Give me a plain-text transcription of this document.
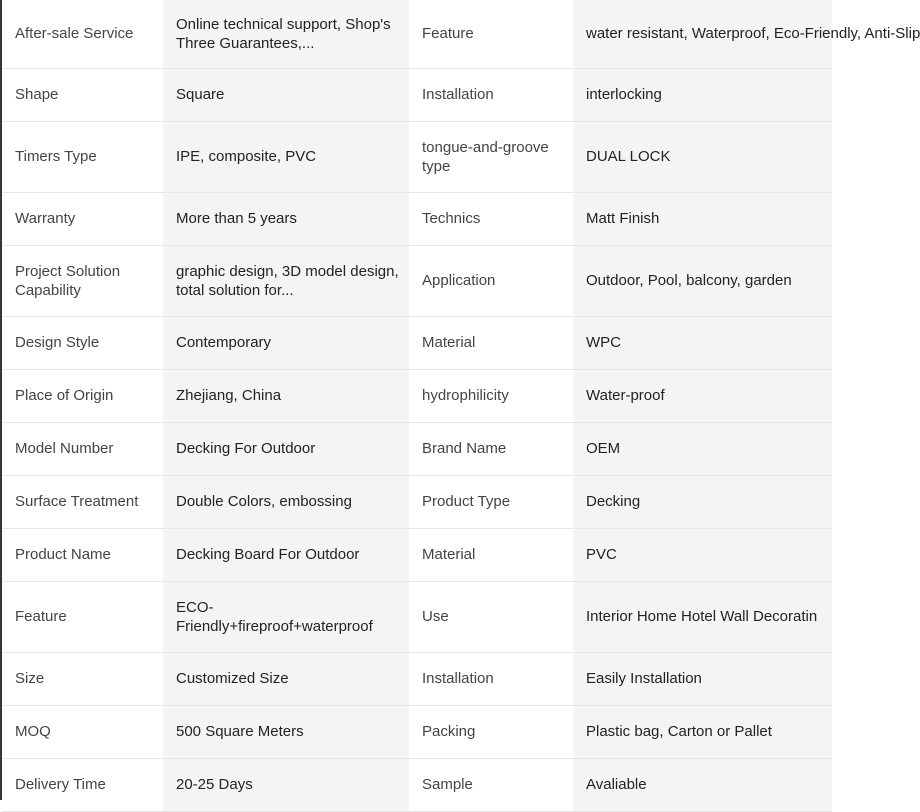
After-sale Service	Online technical support, Shop's Three Guarantees,...	Feature	water resistant, Waterproof, Eco-Friendly, Anti-Slip
Shape	Square	Installation	interlocking
Timers Type	IPE, composite, PVC	tongue-and-groove type	DUAL LOCK
Warranty	More than 5 years	Technics	Matt Finish
Project Solution Capability	graphic design, 3D model design, total solution for...	Application	Outdoor, Pool, balcony, garden
Design Style	Contemporary	Material	WPC
Place of Origin	Zhejiang, China	hydrophilicity	Water-proof
Model Number	Decking For Outdoor	Brand Name	OEM
Surface Treatment	Double Colors, embossing	Product Type	Decking
Product Name	Decking Board For Outdoor	Material	PVC
Feature	ECO-Friendly+fireproof+waterproof	Use	Interior Home Hotel Wall Decoratin
Size	Customized Size	Installation	Easily Installation
MOQ	500 Square Meters	Packing	Plastic bag, Carton or Pallet
Delivery Time	20-25 Days	Sample	Avaliable
